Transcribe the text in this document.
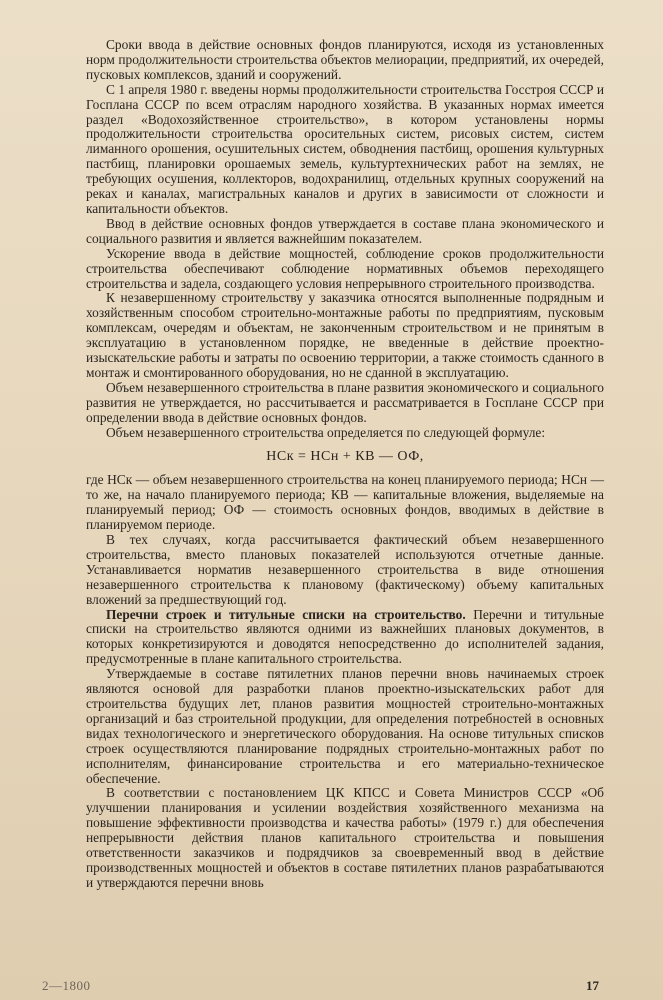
Сроки ввода в действие основных фондов планируются, исходя из установленных норм продолжительности строительства объектов мелиорации, предприятий, их очередей, пусковых комплексов, зданий и сооружений.

С 1 апреля 1980 г. введены нормы продолжительности строительства Госстроя СССР и Госплана СССР по всем отраслям народного хозяйства. В указанных нормах имеется раздел «Водохозяйственное строительство», в котором установлены нормы продолжительности строительства оросительных систем, рисовых систем, систем лиманного орошения, осушительных систем, обводнения пастбищ, орошения культурных пастбищ, планировки орошаемых земель, культуртехнических работ на землях, не требующих осушения, коллекторов, водохранилищ, отдельных крупных сооружений на реках и каналах, магистральных каналов и других в зависимости от сложности и капитальности объектов.

Ввод в действие основных фондов утверждается в составе плана экономического и социального развития и является важнейшим показателем.

Ускорение ввода в действие мощностей, соблюдение сроков продолжительности строительства обеспечивают соблюдение нормативных объемов переходящего строительства и задела, создающего условия непрерывного строительного производства.

К незавершенному строительству у заказчика относятся выполненные подрядным и хозяйственным способом строительно-монтажные работы по предприятиям, пусковым комплексам, очередям и объектам, не законченным строительством и не принятым в эксплуатацию в установленном порядке, не введенные в действие проектно-изыскательские работы и затраты по освоению территории, а также стоимость сданного в монтаж и смонтированного оборудования, но не сданной в эксплуатацию.

Объем незавершенного строительства в плане развития экономического и социального развития не утверждается, но рассчитывается и рассматривается в Госплане СССР при определении ввода в действие основных фондов.

Объем незавершенного строительства определяется по следующей формуле:

НСк = НСн + КВ — ОФ,

где НСк — объем незавершенного строительства на конец планируемого периода; НСн — то же, на начало планируемого периода; КВ — капитальные вложения, выделяемые на планируемый период; ОФ — стоимость основных фондов, вводимых в действие в планируемом периоде.

В тех случаях, когда рассчитывается фактический объем незавершенного строительства, вместо плановых показателей используются отчетные данные. Устанавливается норматив незавершенного строительства в виде отношения незавершенного строительства к плановому (фактическому) объему капитальных вложений за предшествующий год.

Перечни строек и титульные списки на строительство. Перечни и титульные списки на строительство являются одними из важнейших плановых документов, в которых конкретизируются и доводятся непосредственно до исполнителей задания, предусмотренные в плане капитального строительства.

Утверждаемые в составе пятилетних планов перечни вновь начинаемых строек являются основой для разработки планов проектно-изыскательских работ для строительства будущих лет, планов развития мощностей строительно-монтажных организаций и баз строительной продукции, для определения потребностей в основных видах технологического и энергетического оборудования. На основе титульных списков строек осуществляются планирование подрядных строительно-монтажных работ по исполнителям, финансирование строительства и его материально-техническое обеспечение.

В соответствии с постановлением ЦК КПСС и Совета Министров СССР «Об улучшении планирования и усилении воздействия хозяйственного механизма на повышение эффективности производства и качества работы» (1979 г.) для обеспечения непрерывности действия планов капитального строительства и повышения ответственности заказчиков и подрядчиков за своевременный ввод в действие производственных мощностей и объектов в составе пятилетних планов разрабатываются и утверждаются перечни вновь

2—1800	17
